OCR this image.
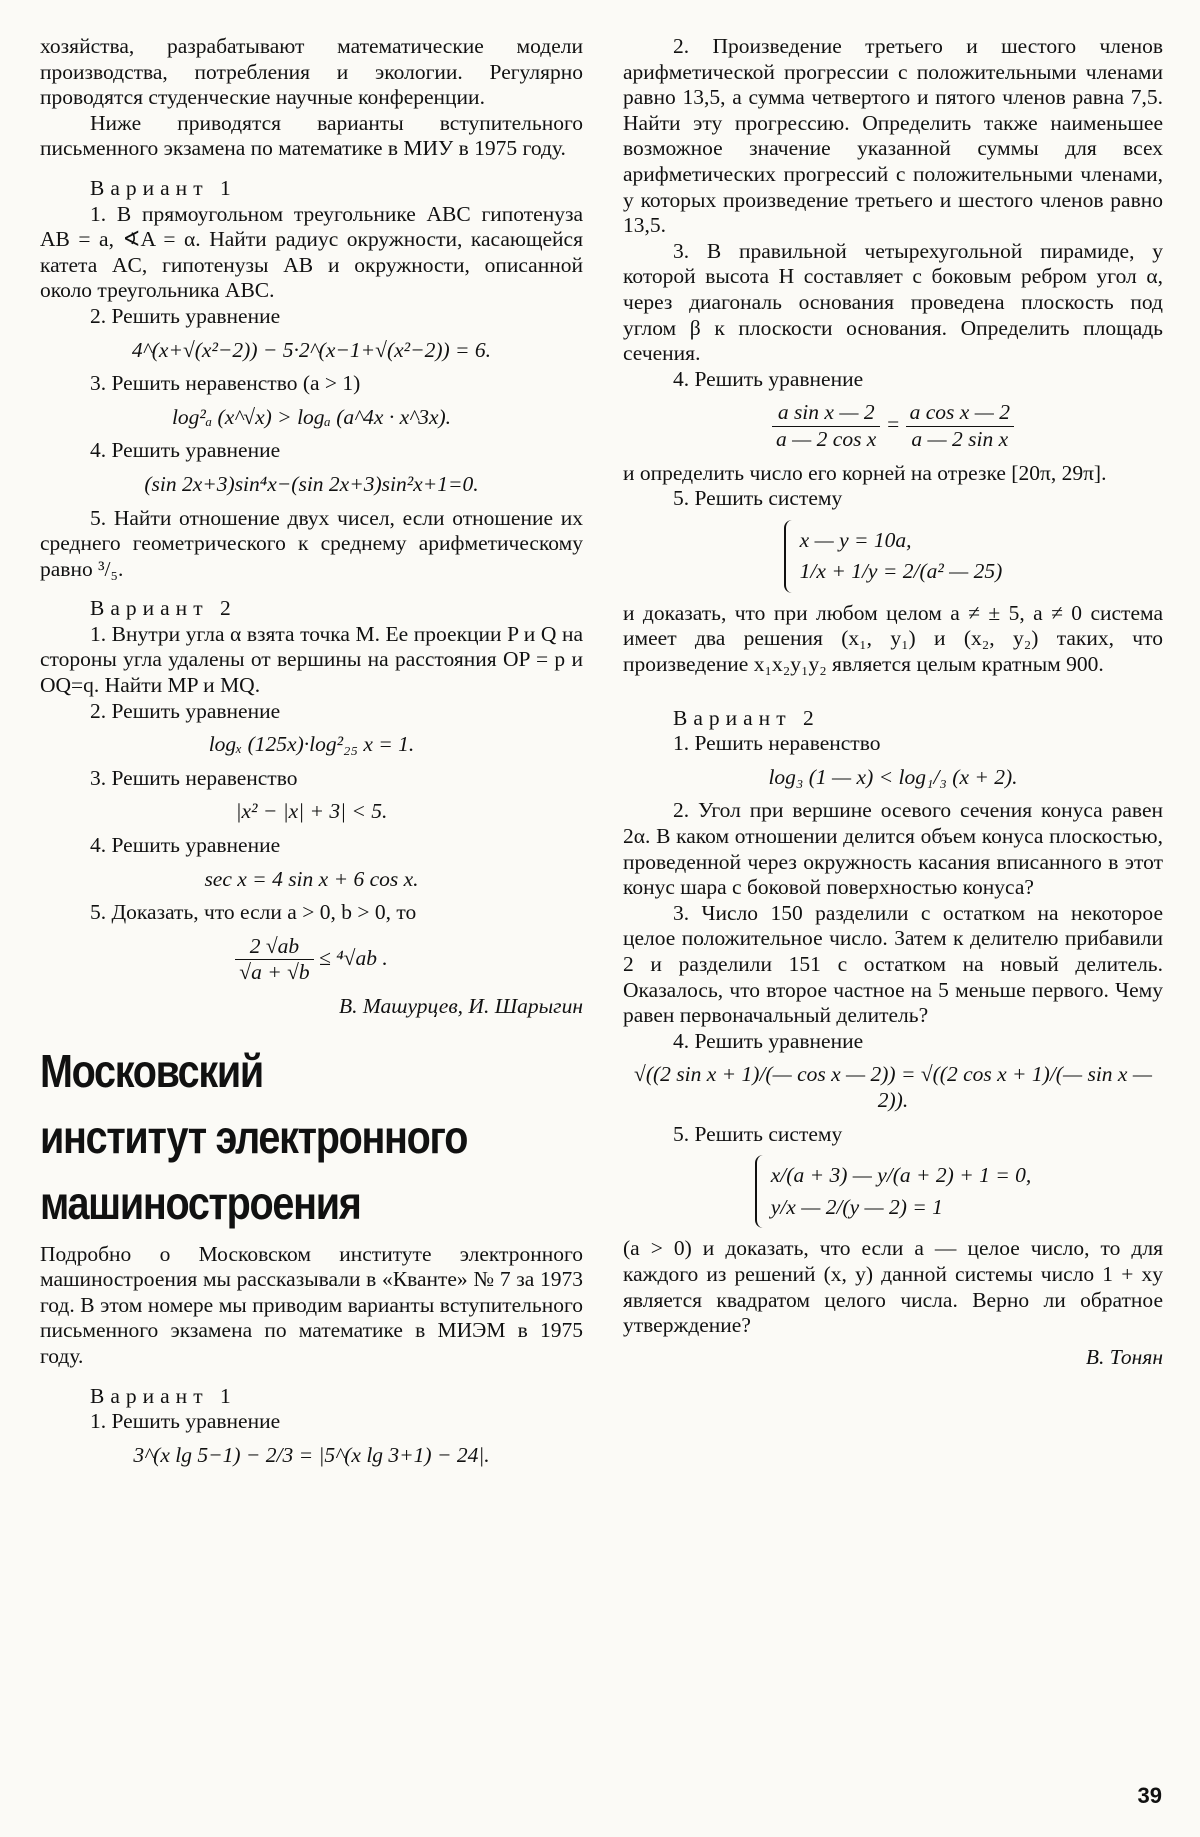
хозяйства, разрабатывают математические модели производства, потребления и экологии. Регулярно проводятся студенческие научные конференции.

Ниже приводятся варианты вступительного письменного экзамена по математике в МИУ в 1975 году.

Вариант 1

1. В прямоугольном треугольнике ABC гипотенуза AB = a, ∢A = α. Найти радиус окружности, касающейся катета AC, гипотенузы AB и окружности, описанной около треугольника ABC.

2. Решить уравнение

4^(x+√(x²−2)) − 5·2^(x−1+√(x²−2)) = 6.

3. Решить неравенство (a > 1)

log²ₐ (x^√x) > logₐ (a^4x · x^3x).

4. Решить уравнение

(sin 2x+3)sin⁴x−(sin 2x+3)sin²x+1=0.

5. Найти отношение двух чисел, если отношение их среднего геометрического к среднему арифметическому равно ³/₅.

Вариант 2

1. Внутри угла α взята точка M. Ее проекции P и Q на стороны угла удалены от вершины на расстояния OP = p и OQ=q. Найти MP и MQ.

2. Решить уравнение

logₓ (125x)·log²₂₅ x = 1.

3. Решить неравенство

|x² − |x| + 3| < 5.

4. Решить уравнение

sec x = 4 sin x + 6 cos x.

5. Доказать, что если a > 0, b > 0, то

$\frac{2 √ab}{√a + √b} \le ^4√ab$ .

В. Машурцев, И. Шарыгин

Московский
институт электронного
машиностроения

Подробно о Московском институте электронного машиностроения мы рассказывали в «Кванте» № 7 за 1973 год. В этом номере мы приводим варианты вступительного письменного экзамена по математике в МИЭМ в 1975 году.

Вариант 1

1. Решить уравнение

3^(x lg 5−1) − 2/3 = |5^(x lg 3+1) − 24|.

2. Произведение третьего и шестого членов арифметической прогрессии с положительными членами равно 13,5, а сумма четвертого и пятого членов равна 7,5. Найти эту прогрессию. Определить также наименьшее возможное значение указанной суммы для всех арифметических прогрессий с положительными членами, у которых произведение третьего и шестого членов равно 13,5.

3. В правильной четырехугольной пирамиде, у которой высота H составляет с боковым ребром угол α, через диагональ основания проведена плоскость под углом β к плоскости основания. Определить площадь сечения.

4. Решить уравнение

$\frac{\text{a sin x — 2}}{\text{a — 2 cos x}} = \frac{\text{a cos x — 2}}{\text{a — 2 sin x}}$

и определить число его корней на отрезке [20π, 29π].

5. Решить систему

x — y = 10a,
1/x + 1/y = 2/(a² — 25)

и доказать, что при любом целом a ≠ ± 5, a ≠ 0 система имеет два решения (x₁, y₁) и (x₂, y₂) таких, что произведение x₁x₂y₁y₂ является целым кратным 900.

Вариант 2

1. Решить неравенство

log₃ (1 — x) < log₁/₃ (x + 2).

2. Угол при вершине осевого сечения конуса равен 2α. В каком отношении делится объем конуса плоскостью, проведенной через окружность касания вписанного в этот конус шара с боковой поверхностью конуса?

3. Число 150 разделили с остатком на некоторое целое положительное число. Затем к делителю прибавили 2 и разделили 151 с остатком на новый делитель. Оказалось, что второе частное на 5 меньше первого. Чему равен первоначальный делитель?

4. Решить уравнение

√((2 sin x + 1)/(— cos x — 2)) = √((2 cos x + 1)/(— sin x — 2)).

5. Решить систему

x/(a + 3) — y/(a + 2) + 1 = 0,
y/x — 2/(y — 2) = 1

(a > 0) и доказать, что если a — целое число, то для каждого из решений (x, y) данной системы число 1 + xy является квадратом целого числа. Верно ли обратное утверждение?

В. Тонян

39
